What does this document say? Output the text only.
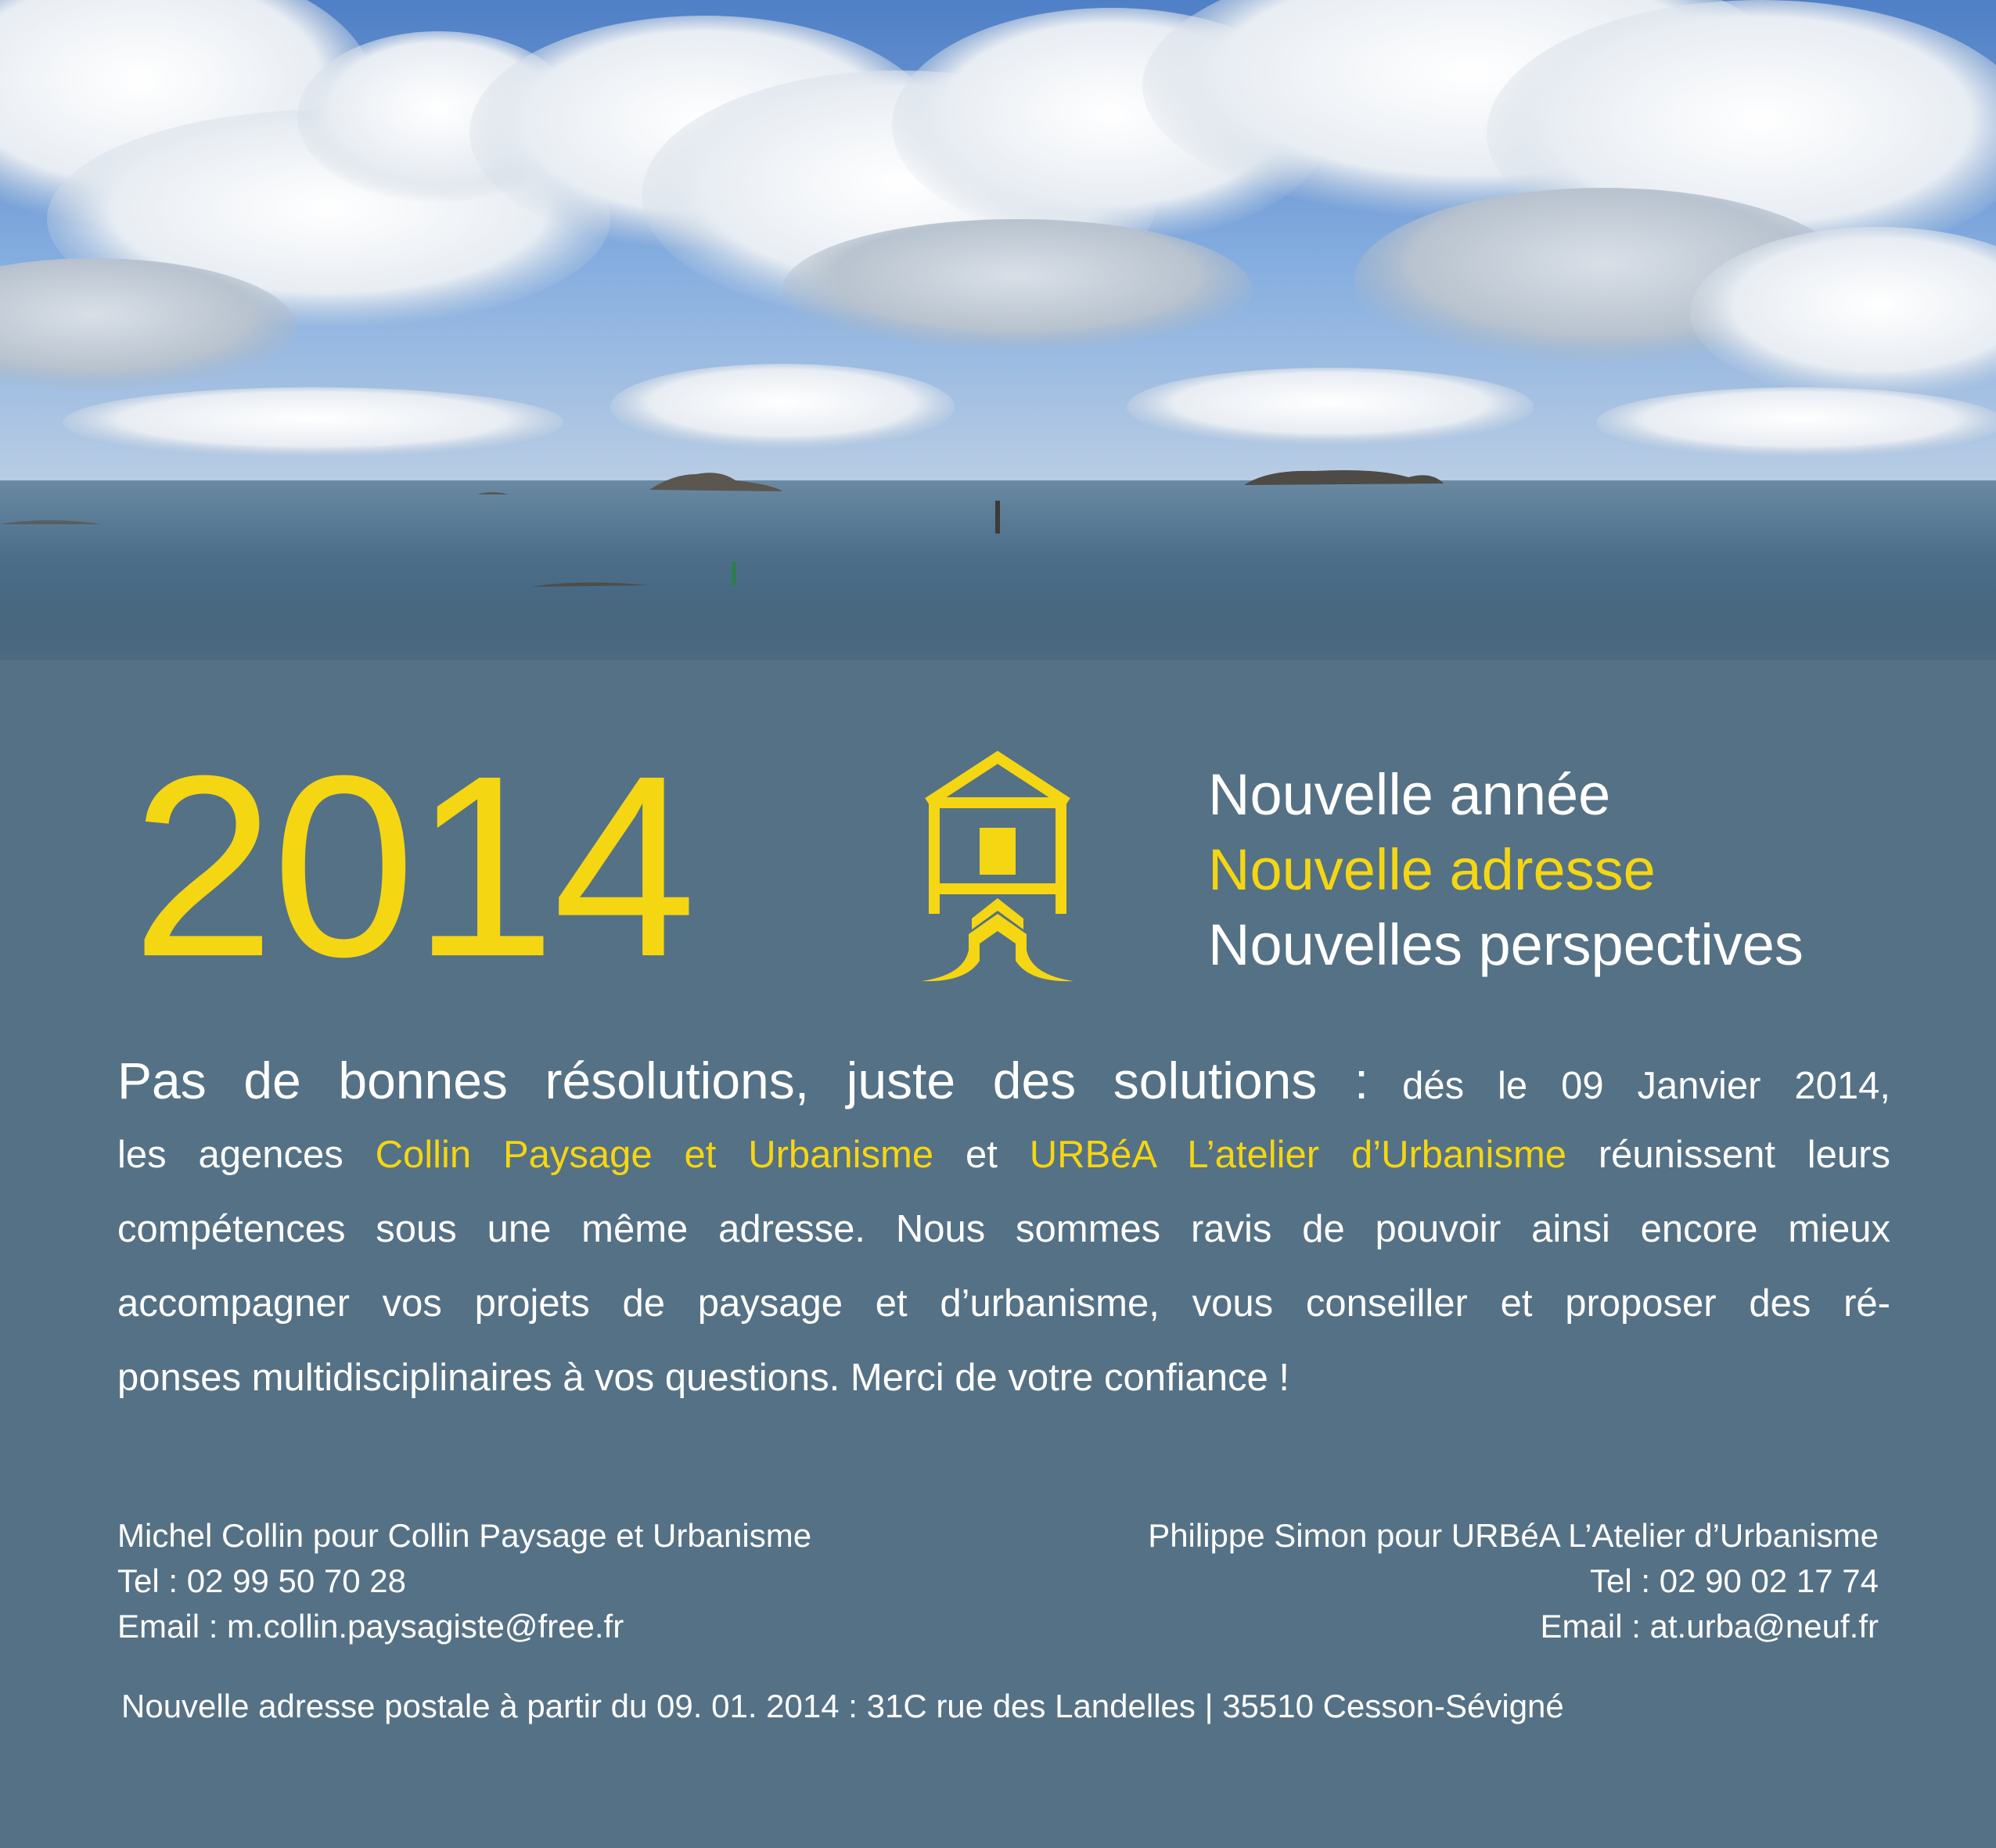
2014	Nouvelle année
Nouvelle adresse
Nouvelles perspectives
Pas de bonnes résolutions, juste des solutions : dés le 09 Janvier 2014,
les agences Collin Paysage et Urbanisme et URBéA L’atelier d’Urbanisme réunissent leurs
compétences sous une même adresse. Nous sommes ravis de pouvoir ainsi encore mieux
accompagner vos projets de paysage et d’urbanisme, vous conseiller et proposer des ré-
ponses multidisciplinaires à vos questions. Merci de votre confiance !
Michel Collin pour Collin Paysage et Urbanisme
Tel : 02 99 50 70 28
Email : m.collin.paysagiste@free.fr
Philippe Simon pour URBéA L’Atelier d’Urbanisme
Tel : 02 90 02 17 74
Email : at.urba@neuf.fr
Nouvelle adresse postale à partir du 09. 01. 2014 : 31C rue des Landelles | 35510 Cesson-Sévigné
